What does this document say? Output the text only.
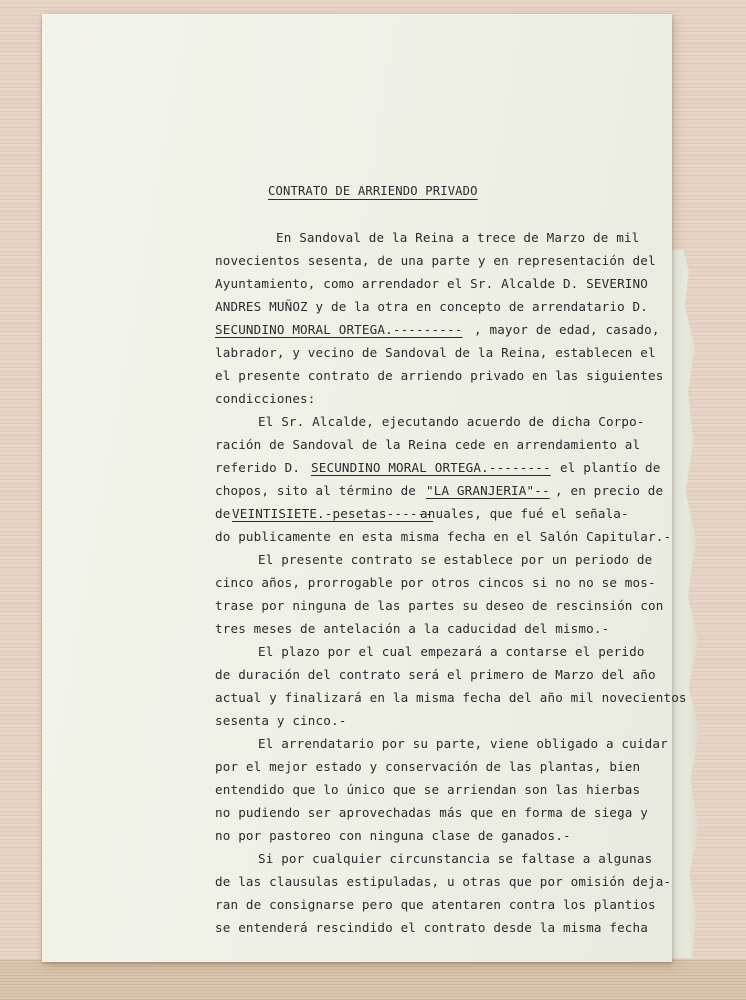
CONTRATO DE ARRIENDO PRIVADO
En Sandoval de la Reina a trece de Marzo de mil
novecientos sesenta, de una parte y en representación del
Ayuntamiento, como arrendador el Sr. Alcalde D. SEVERINO
ANDRES MUÑOZ y de la otra en concepto de arrendatario D.
SECUNDINO MORAL ORTEGA.--------- , mayor de edad, casado,
labrador, y vecino de Sandoval de la Reina, establecen el
el presente contrato de arriendo privado en las siguientes
condicciones:
El Sr. Alcalde, ejecutando acuerdo de dicha Corpo-
ración de Sandoval de la Reina cede en arrendamiento al
referido D. SECUNDINO MORAL ORTEGA.-------- el plantío de
chopos, sito al término de "LA GRANJERIA"-- , en precio de
de VEINTISIETE.-pesetas------
anuales, que fué el señala-
do publicamente en esta misma fecha en el Salón Capitular.-
El presente contrato se establece por un periodo de
cinco años, prorrogable por otros cincos si no no se mos-
trase por ninguna de las partes su deseo de rescinsión con
tres meses de antelación a la caducidad del mismo.-
El plazo por el cual empezará a contarse el perido
de duración del contrato será el primero de Marzo del año
actual y finalizará en la misma fecha del año mil novecientos
sesenta y cinco.-
El arrendatario por su parte, viene obligado a cuidar
por el mejor estado y conservación de las plantas, bien
entendido que lo único que se arriendan son las hierbas
no pudiendo ser aprovechadas más que en forma de siega y
no por pastoreo con ninguna clase de ganados.-
Si por cualquier circunstancia se faltase a algunas
de las clausulas estipuladas, u otras que por omisión deja-
ran de consignarse pero que atentaren contra los plantios
se entenderá rescindido el contrato desde la misma fecha
